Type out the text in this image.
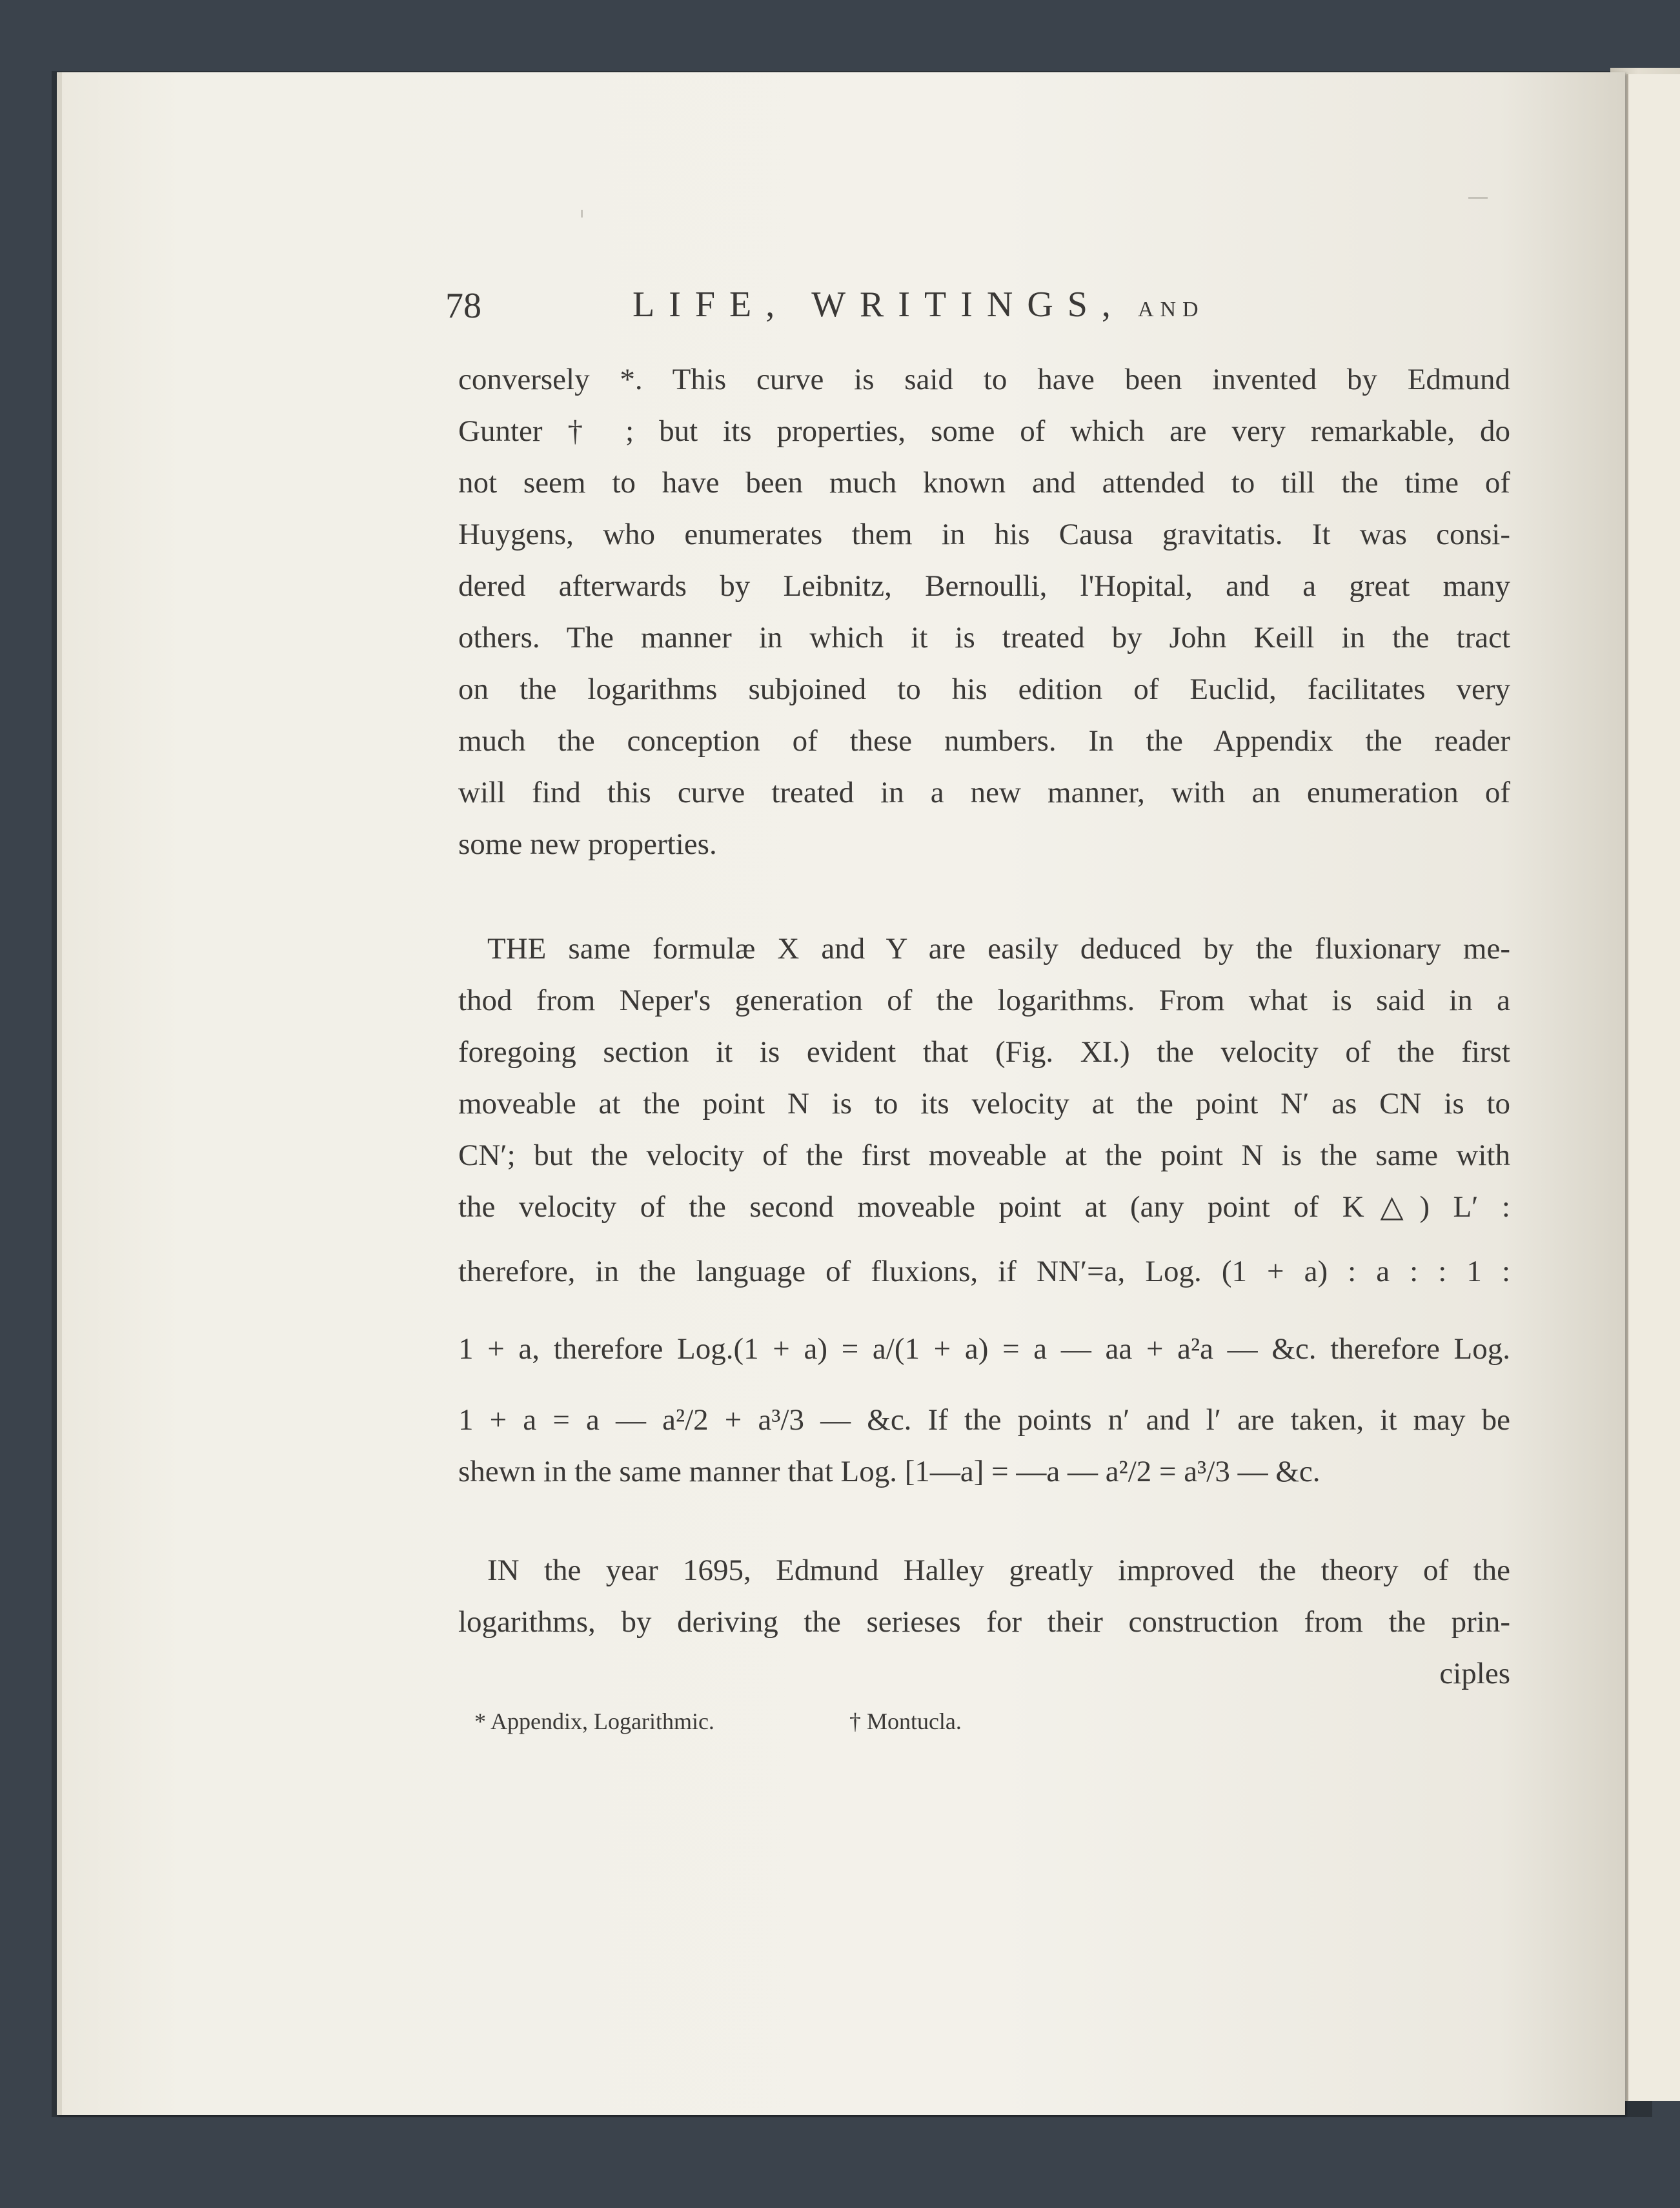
78	LIFE, WRITINGS, AND
conversely *. This curve is said to have been invented by Edmund
Gunter † ; but its properties, some of which are very remarkable, do
not seem to have been much known and attended to till the time of
Huygens, who enumerates them in his Causa gravitatis. It was consi-
dered afterwards by Leibnitz, Bernoulli, l'Hopital, and a great many
others. The manner in which it is treated by John Keill in the tract
on the logarithms subjoined to his edition of Euclid, facilitates very
much the conception of these numbers. In the Appendix the reader
will find this curve treated in a new manner, with an enumeration of
some new properties.
THE same formulæ X and Y are easily deduced by the fluxionary me-
thod from Neper's generation of the logarithms. From what is said in a
foregoing section it is evident that (Fig. XI.) the velocity of the first
moveable at the point N is to its velocity at the point N′ as CN is to
CN′; but the velocity of the first moveable at the point N is the same with
the velocity of the second moveable point at (any point of K△) L′ :
therefore, in the language of fluxions, if NN′=a, Log. (1 + a) : a : : 1 :
1 + a, therefore Log.(1 + a) = a/(1 + a) = a — aa + a²a — &c. therefore Log.
1 + a = a — a²/2 + a³/3 — &c. If the points n′ and l′ are taken, it may be
shewn in the same manner that Log. [1—a] = —a — a²/2 = a³/3 — &c.
IN the year 1695, Edmund Halley greatly improved the theory of the
logarithms, by deriving the serieses for their construction from the prin-
ciples
* Appendix, Logarithmic.	† Montucla.
